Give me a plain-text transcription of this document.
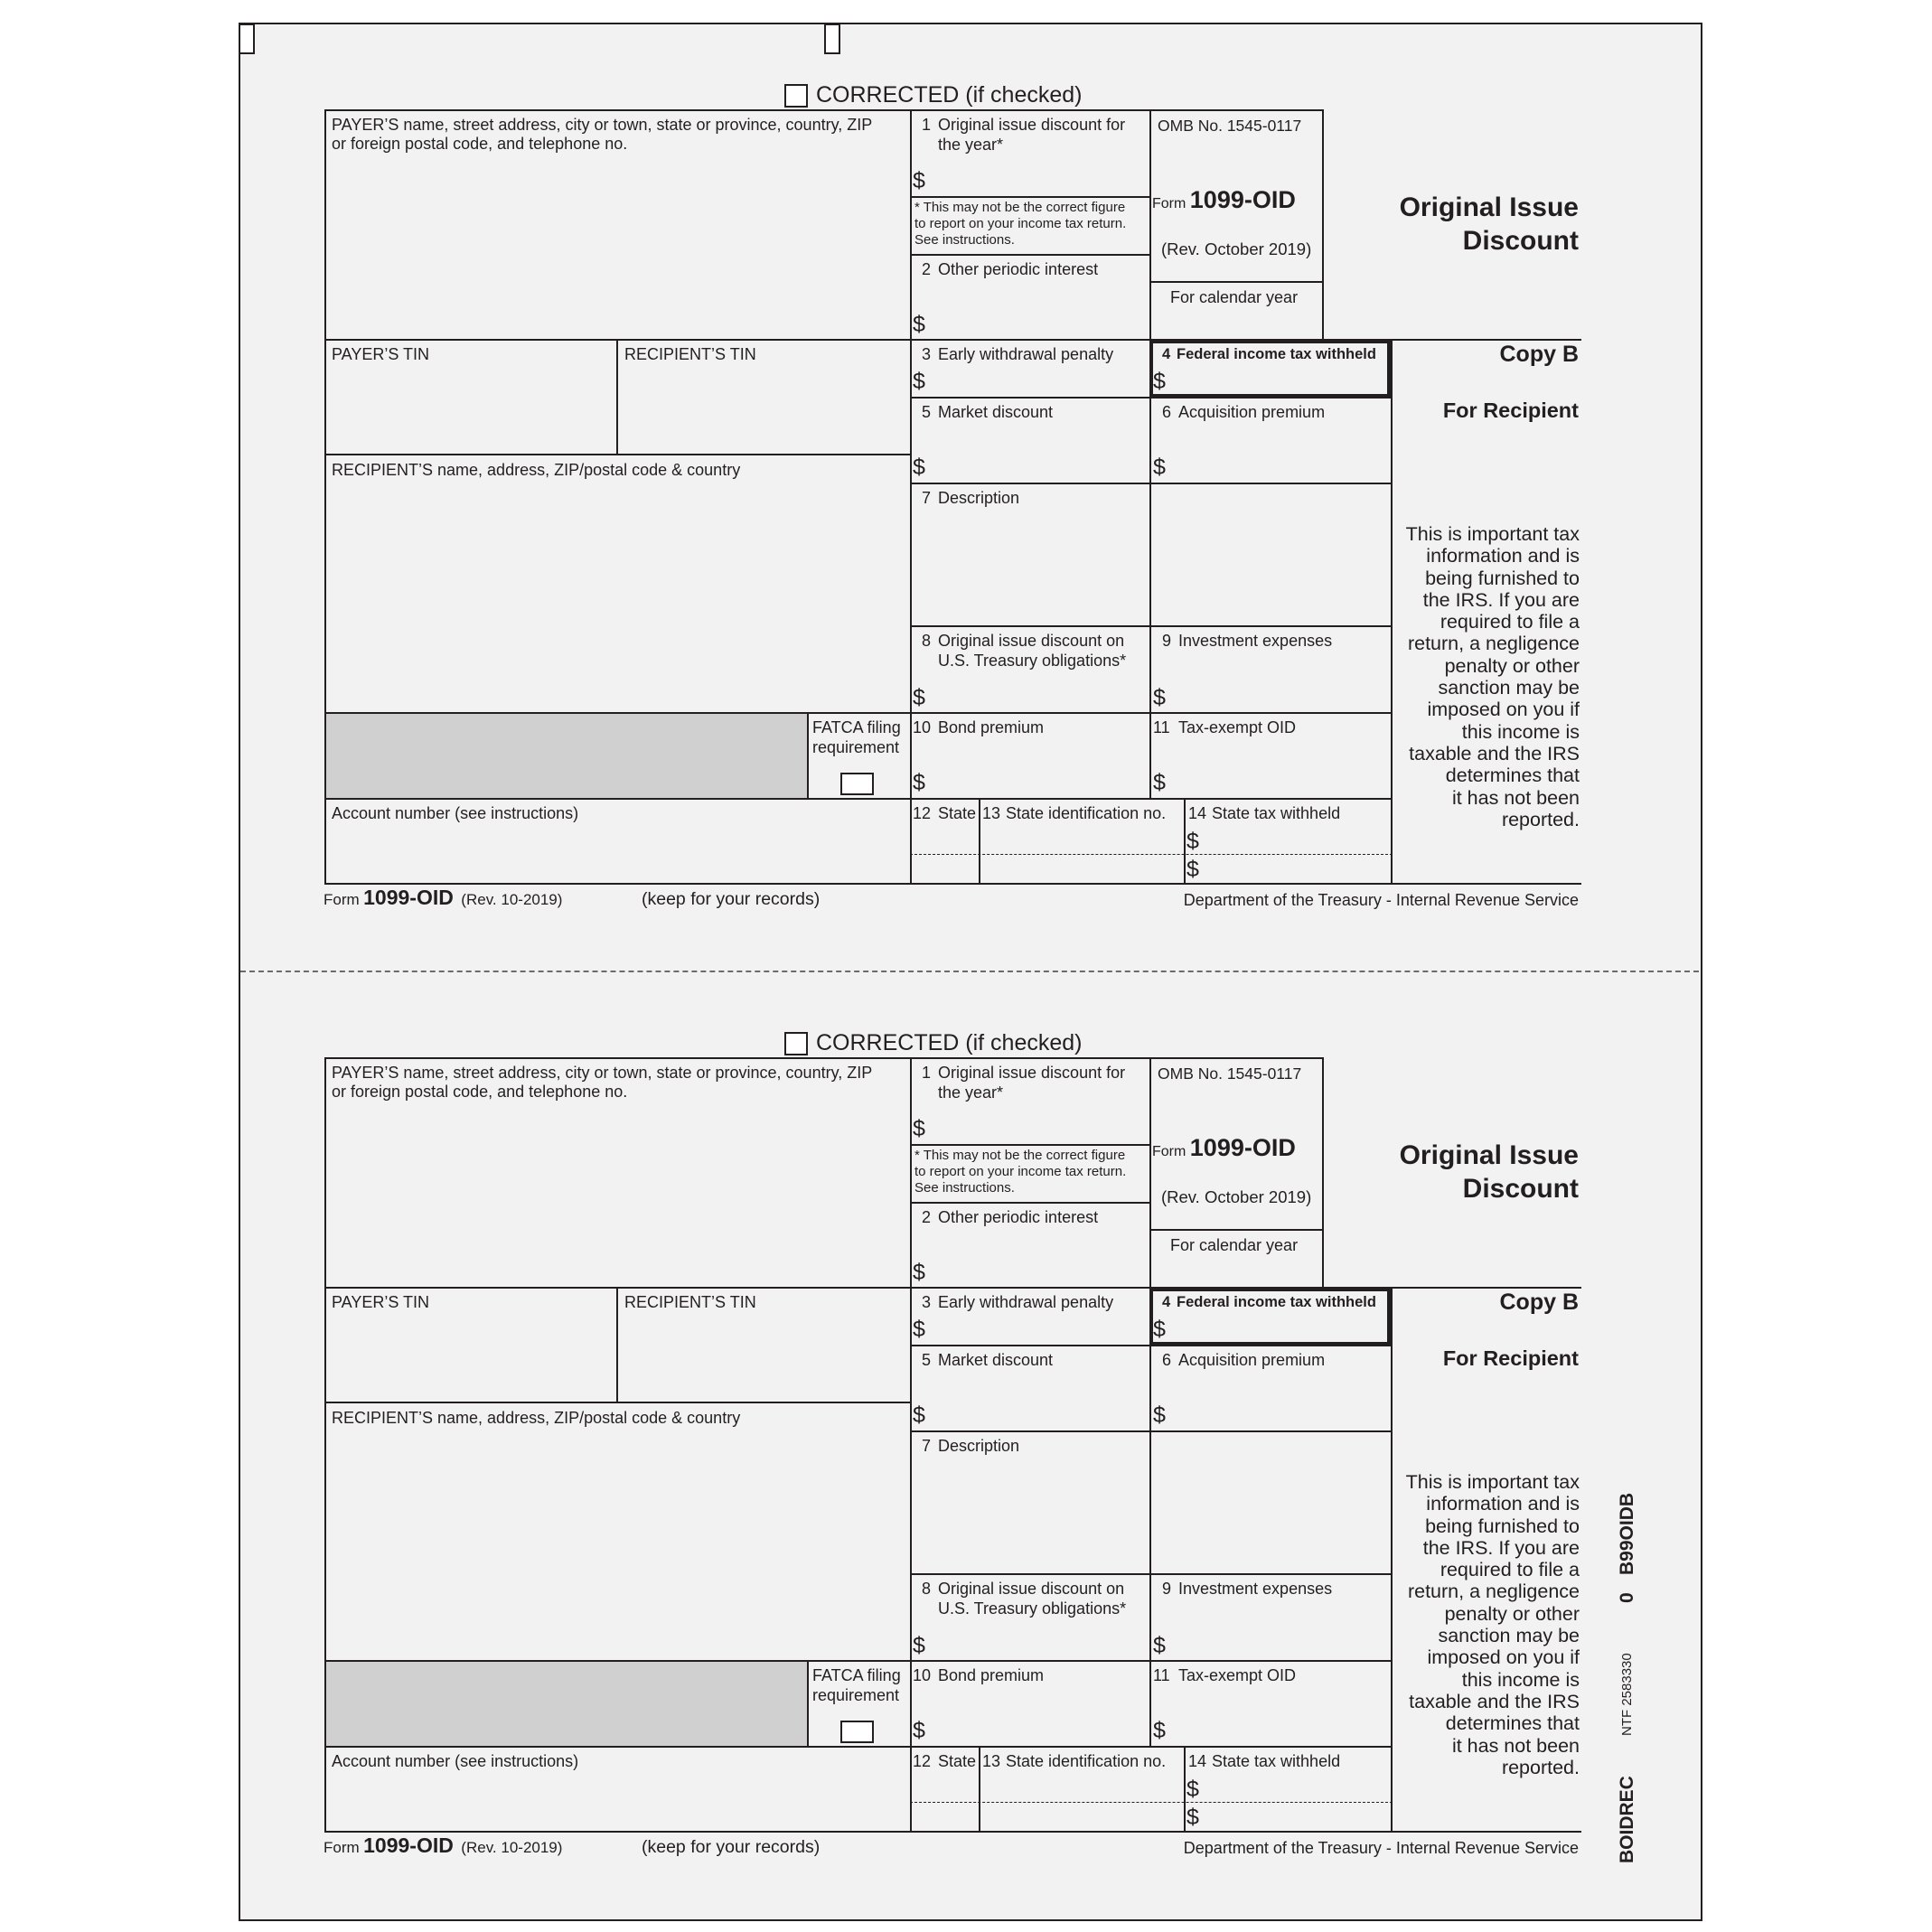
CORRECTED (if checked)
PAYER’S name, street address, city or town, state or province, country, ZIP
or foreign postal code, and telephone no.
PAYER’S TIN	RECIPIENT’S TIN
RECIPIENT’S name, address, ZIP/postal code & country
FATCA filing
requirement
Account number (see instructions)
1 Original issue discount for
the year*
$
* This may not be the correct figure
to report on your income tax return.
See instructions.
2 Other periodic interest
$
OMB No. 1545-0117
Form 1099-OID
(Rev. October 2019)
For calendar year
Original Issue
Discount
Copy B
For Recipient
This is important tax
information and is
being furnished to
the IRS. If you are
required to file a
return, a negligence
penalty or other
sanction may be
imposed on you if
this income is
taxable and the IRS
determines that
it has not been
reported.
3 Early withdrawal penalty
$
4 Federal income tax withheld
$
5 Market discount
$
6 Acquisition premium
$
7 Description
8 Original issue discount on
U.S. Treasury obligations*
$
9 Investment expenses
$
10 Bond premium
$
11 Tax-exempt OID
$
12 State 13 State identification no. 14 State tax withheld
$
$
Form 1099-OID (Rev. 10-2019)	(keep for your records)	Department of the Treasury - Internal Revenue Service
CORRECTED (if checked)
PAYER’S name, street address, city or town, state or province, country, ZIP
or foreign postal code, and telephone no.
PAYER’S TIN	RECIPIENT’S TIN
RECIPIENT’S name, address, ZIP/postal code & country
FATCA filing
requirement
Account number (see instructions)
1 Original issue discount for
the year*
$
* This may not be the correct figure
to report on your income tax return.
See instructions.
2 Other periodic interest
$
OMB No. 1545-0117
Form 1099-OID
(Rev. October 2019)
For calendar year
Original Issue
Discount
Copy B
For Recipient
This is important tax
information and is
being furnished to
the IRS. If you are
required to file a
return, a negligence
penalty or other
sanction may be
imposed on you if
this income is
taxable and the IRS
determines that
it has not been
reported.
3 Early withdrawal penalty
$
4 Federal income tax withheld
$
5 Market discount
$
6 Acquisition premium
$
7 Description
8 Original issue discount on
U.S. Treasury obligations*
$
9 Investment expenses
$
10 Bond premium
$
11 Tax-exempt OID
$
12 State 13 State identification no. 14 State tax withheld
$
$
Form 1099-OID (Rev. 10-2019)	(keep for your records)	Department of the Treasury - Internal Revenue Service
B99OIDB
0
NTF 2583330
BOIDREC
